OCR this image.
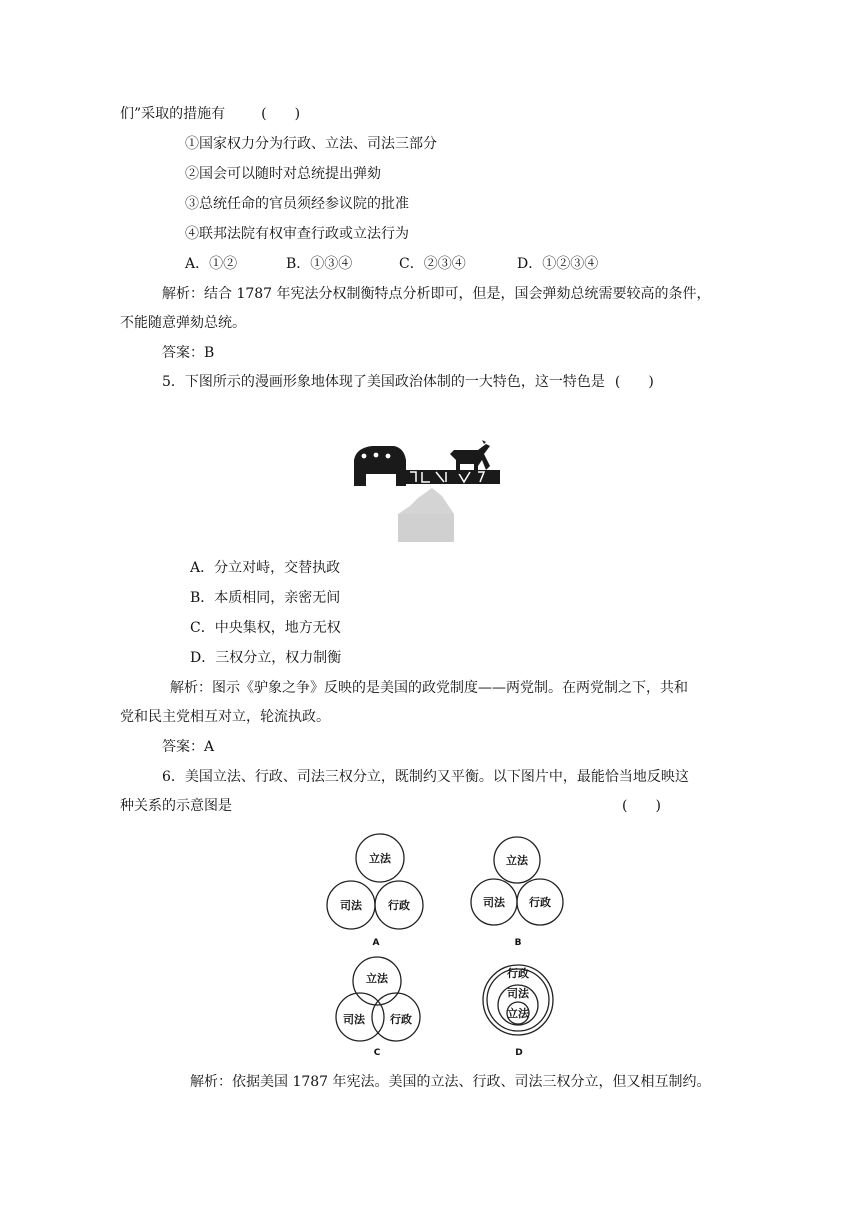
们”采取的措施有	(　　)
①国家权力分为行政、立法、司法三部分
②国会可以随时对总统提出弹劾
③总统任命的官员须经参议院的批准
④联邦法院有权审查行政或立法行为
A．①②	B．①③④	C．②③④	D．①②③④
解析：结合 1787 年宪法分权制衡特点分析即可，但是，国会弹劾总统需要较高的条件，
不能随意弹劾总统。
答案：B
5．下图所示的漫画形象地体现了美国政治体制的一大特色，这一特色是 (　　)
A．分立对峙，交替执政
B．本质相同，亲密无间
C．中央集权，地方无权
D．三权分立，权力制衡
解析：图示《驴象之争》反映的是美国的政党制度——两党制。在两党制之下，共和
党和民主党相互对立，轮流执政。
答案：A
6．美国立法、行政、司法三权分立，既制约又平衡。以下图片中，最能恰当地反映这
种关系的示意图是	(　　)
立法
司法 行政
立法
司法 行政
立法
司法 行政
行政
司法
立法
A	B
C	D
解析：依据美国 1787 年宪法。美国的立法、行政、司法三权分立，但又相互制约。
